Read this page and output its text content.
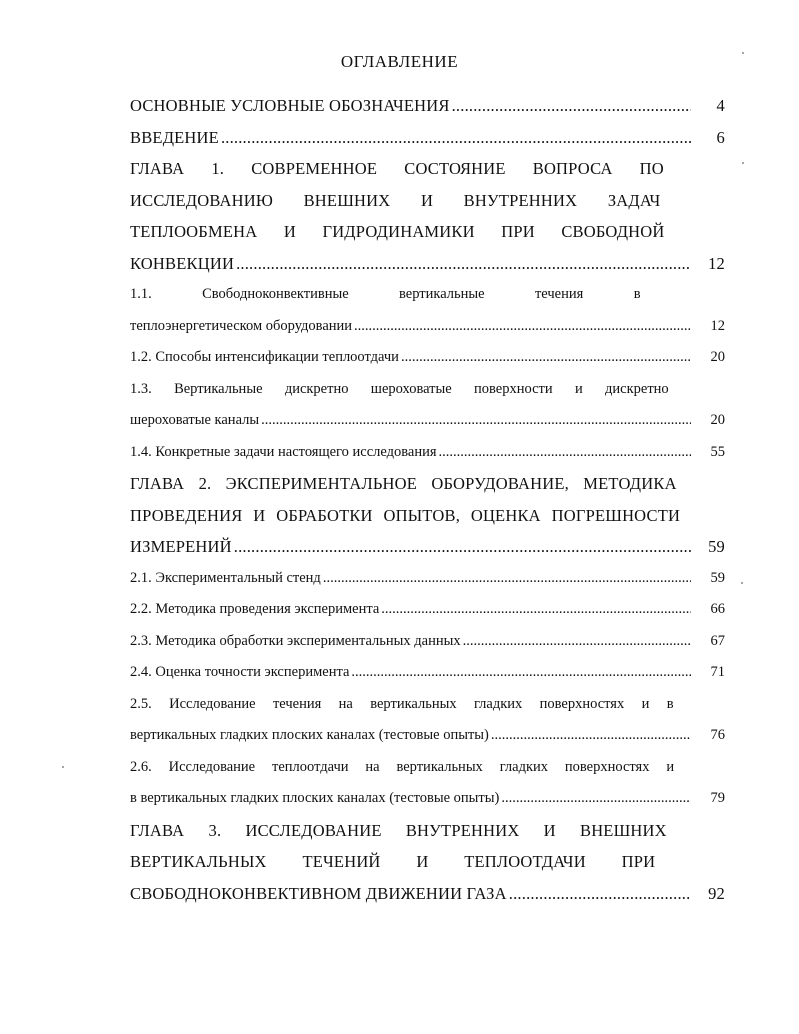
ОГЛАВЛЕНИЕ
ОСНОВНЫЕ УСЛОВНЫЕ ОБОЗНАЧЕНИЯ .....	4
ВВЕДЕНИЕ .....	6
ГЛАВА 1. СОВРЕМЕННОЕ СОСТОЯНИЕ ВОПРОСА ПО
ИССЛЕДОВАНИЮ ВНЕШНИХ И ВНУТРЕННИХ ЗАДАЧ
ТЕПЛООБМЕНА И ГИДРОДИНАМИКИ ПРИ СВОБОДНОЙ
КОНВЕКЦИИ .....	12
1.1.	Свободноконвективные	вертикальные	течения	в
теплоэнергетическом оборудовании .....	12
1.2. Способы интенсификации теплоотдачи .....	20
1.3. Вертикальные дискретно шероховатые поверхности и дискретно
шероховатые каналы .....	20
1.4. Конкретные задачи настоящего исследования .....	55
ГЛАВА 2. ЭКСПЕРИМЕНТАЛЬНОЕ ОБОРУДОВАНИЕ, МЕТОДИКА
ПРОВЕДЕНИЯ И ОБРАБОТКИ ОПЫТОВ, ОЦЕНКА ПОГРЕШНОСТИ
ИЗМЕРЕНИЙ .....	59
2.1. Экспериментальный стенд .....	59
2.2. Методика проведения эксперимента .....	66
2.3. Методика обработки экспериментальных данных .....	67
2.4. Оценка точности эксперимента .....	71
2.5. Исследование течения на вертикальных гладких поверхностях и в
вертикальных гладких плоских каналах (тестовые опыты) .....	76
2.6. Исследование теплоотдачи на вертикальных гладких поверхностях и
в вертикальных гладких плоских каналах (тестовые опыты) .....	79
ГЛАВА 3. ИССЛЕДОВАНИЕ ВНУТРЕННИХ И ВНЕШНИХ
ВЕРТИКАЛЬНЫХ ТЕЧЕНИЙ И ТЕПЛООТДАЧИ ПРИ
СВОБОДНОКОНВЕКТИВНОМ ДВИЖЕНИИ ГАЗА .....	92
